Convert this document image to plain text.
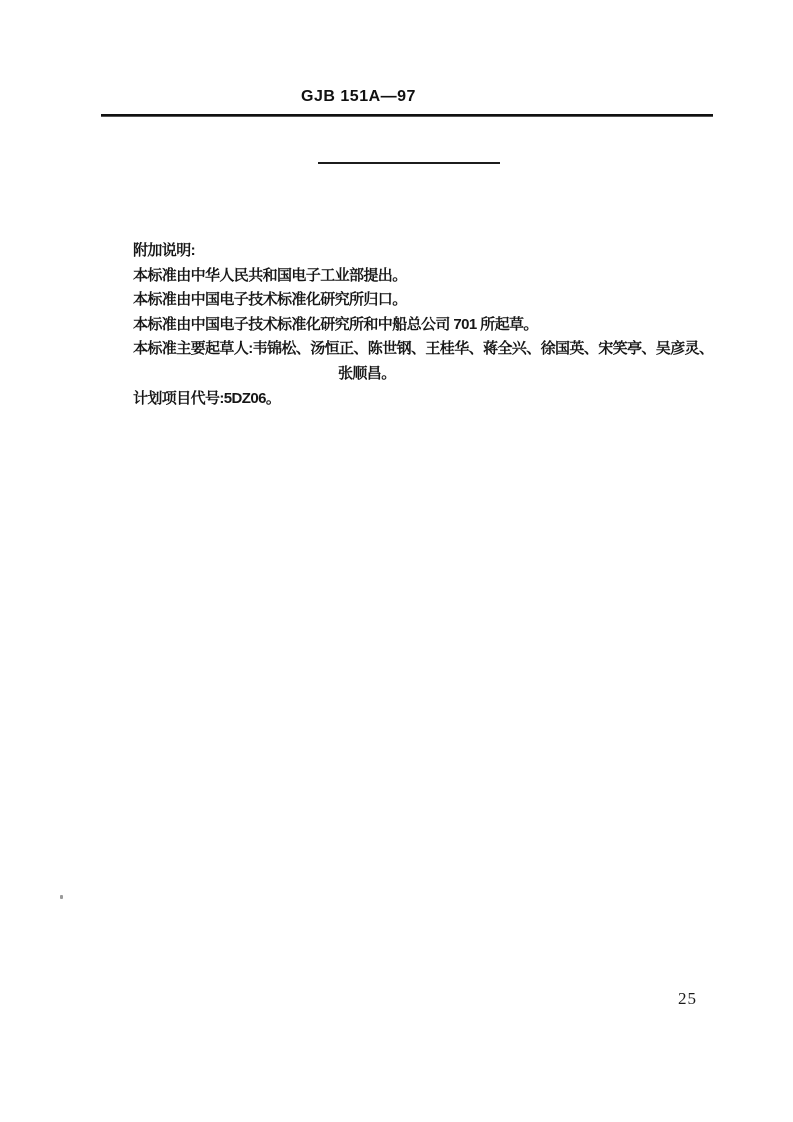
GJB 151A—97
附加说明:
本标准由中华人民共和国电子工业部提出。
本标准由中国电子技术标准化研究所归口。
本标准由中国电子技术标准化研究所和中船总公司 701 所起草。
本标准主要起草人:韦锦松、汤恒正、陈世钢、王桂华、蒋全兴、徐国英、宋笑亭、吴彦灵、
张顺昌。
计划项目代号:5DZ06。
25
